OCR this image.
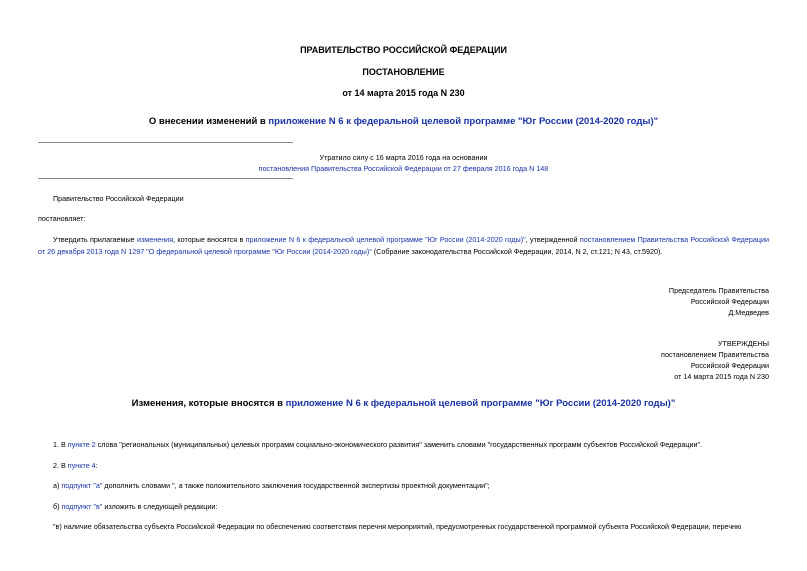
ПРАВИТЕЛЬСТВО РОССИЙСКОЙ ФЕДЕРАЦИИ
ПОСТАНОВЛЕНИЕ
от 14 марта 2015 года N 230
О внесении изменений в приложение N 6 к федеральной целевой программе "Юг России (2014-2020 годы)"
Утратило силу с 16 марта 2016 года на основании
постановления Правительства Российской Федерации от 27 февраля 2016 года N 148
Правительство Российской Федерации
постановляет:
Утвердить прилагаемые изменения, которые вносятся в приложение N 6 к федеральной целевой программе "Юг России (2014-2020 годы)", утвержденной постановлением Правительства Российской Федерации от 26 декабря 2013 года N 1297 "О федеральной целевой программе "Юг России (2014-2020 годы)" (Собрание законодательства Российской Федерации, 2014, N 2, ст.121; N 43, ст.5920).
Председатель Правительства
Российской Федерации
Д.Медведев
УТВЕРЖДЕНЫ
постановлением Правительства
Российской Федерации
от 14 марта 2015 года N 230
Изменения, которые вносятся в приложение N 6 к федеральной целевой программе "Юг России (2014-2020 годы)"
1. В пункте 2 слова "региональных (муниципальных) целевых программ социально-экономического развития" заменить словами "государственных программ субъектов Российской Федерации".
2. В пункте 4:
а) подпункт "а" дополнить словами ", а также положительного заключения государственной экспертизы проектной документации";
б) подпункт "в" изложить в следующей редакции:
"в) наличие обязательства субъекта Российской Федерации по обеспечению соответствия перечня мероприятий, предусмотренных государственной программой субъекта Российской Федерации, перечню
